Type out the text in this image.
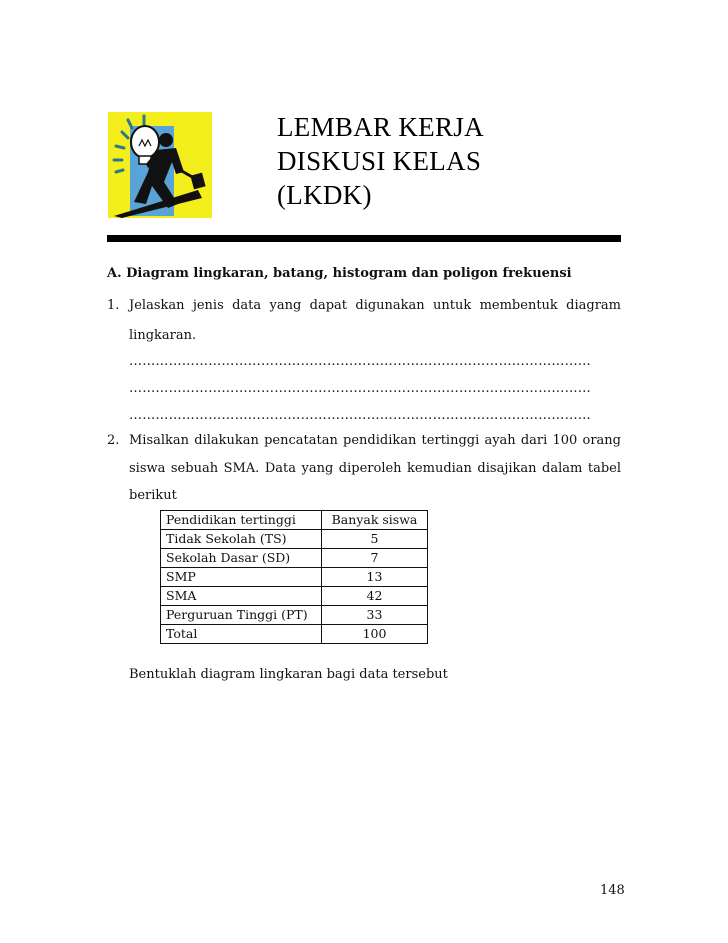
LEMBAR KERJA
DISKUSI KELAS
(LKDK)
A. Diagram lingkaran, batang, histogram dan poligon frekuensi
1. Jelaskan jenis data yang dapat digunakan untuk membentuk diagram
lingkaran.
……………………………………………………………………………………………
……………………………………………………………………………………………
……………………………………………………………………………………………
2. Misalkan dilakukan pencatatan pendidikan tertinggi ayah dari 100 orang
siswa sebuah SMA. Data yang diperoleh kemudian disajikan dalam tabel
berikut
Pendidikan tertinggi	Banyak siswa
Tidak Sekolah (TS)	5
Sekolah Dasar (SD)	7
SMP	13
SMA	42
Perguruan Tinggi (PT)	33
Total	100
Bentuklah diagram lingkaran bagi data tersebut
148
